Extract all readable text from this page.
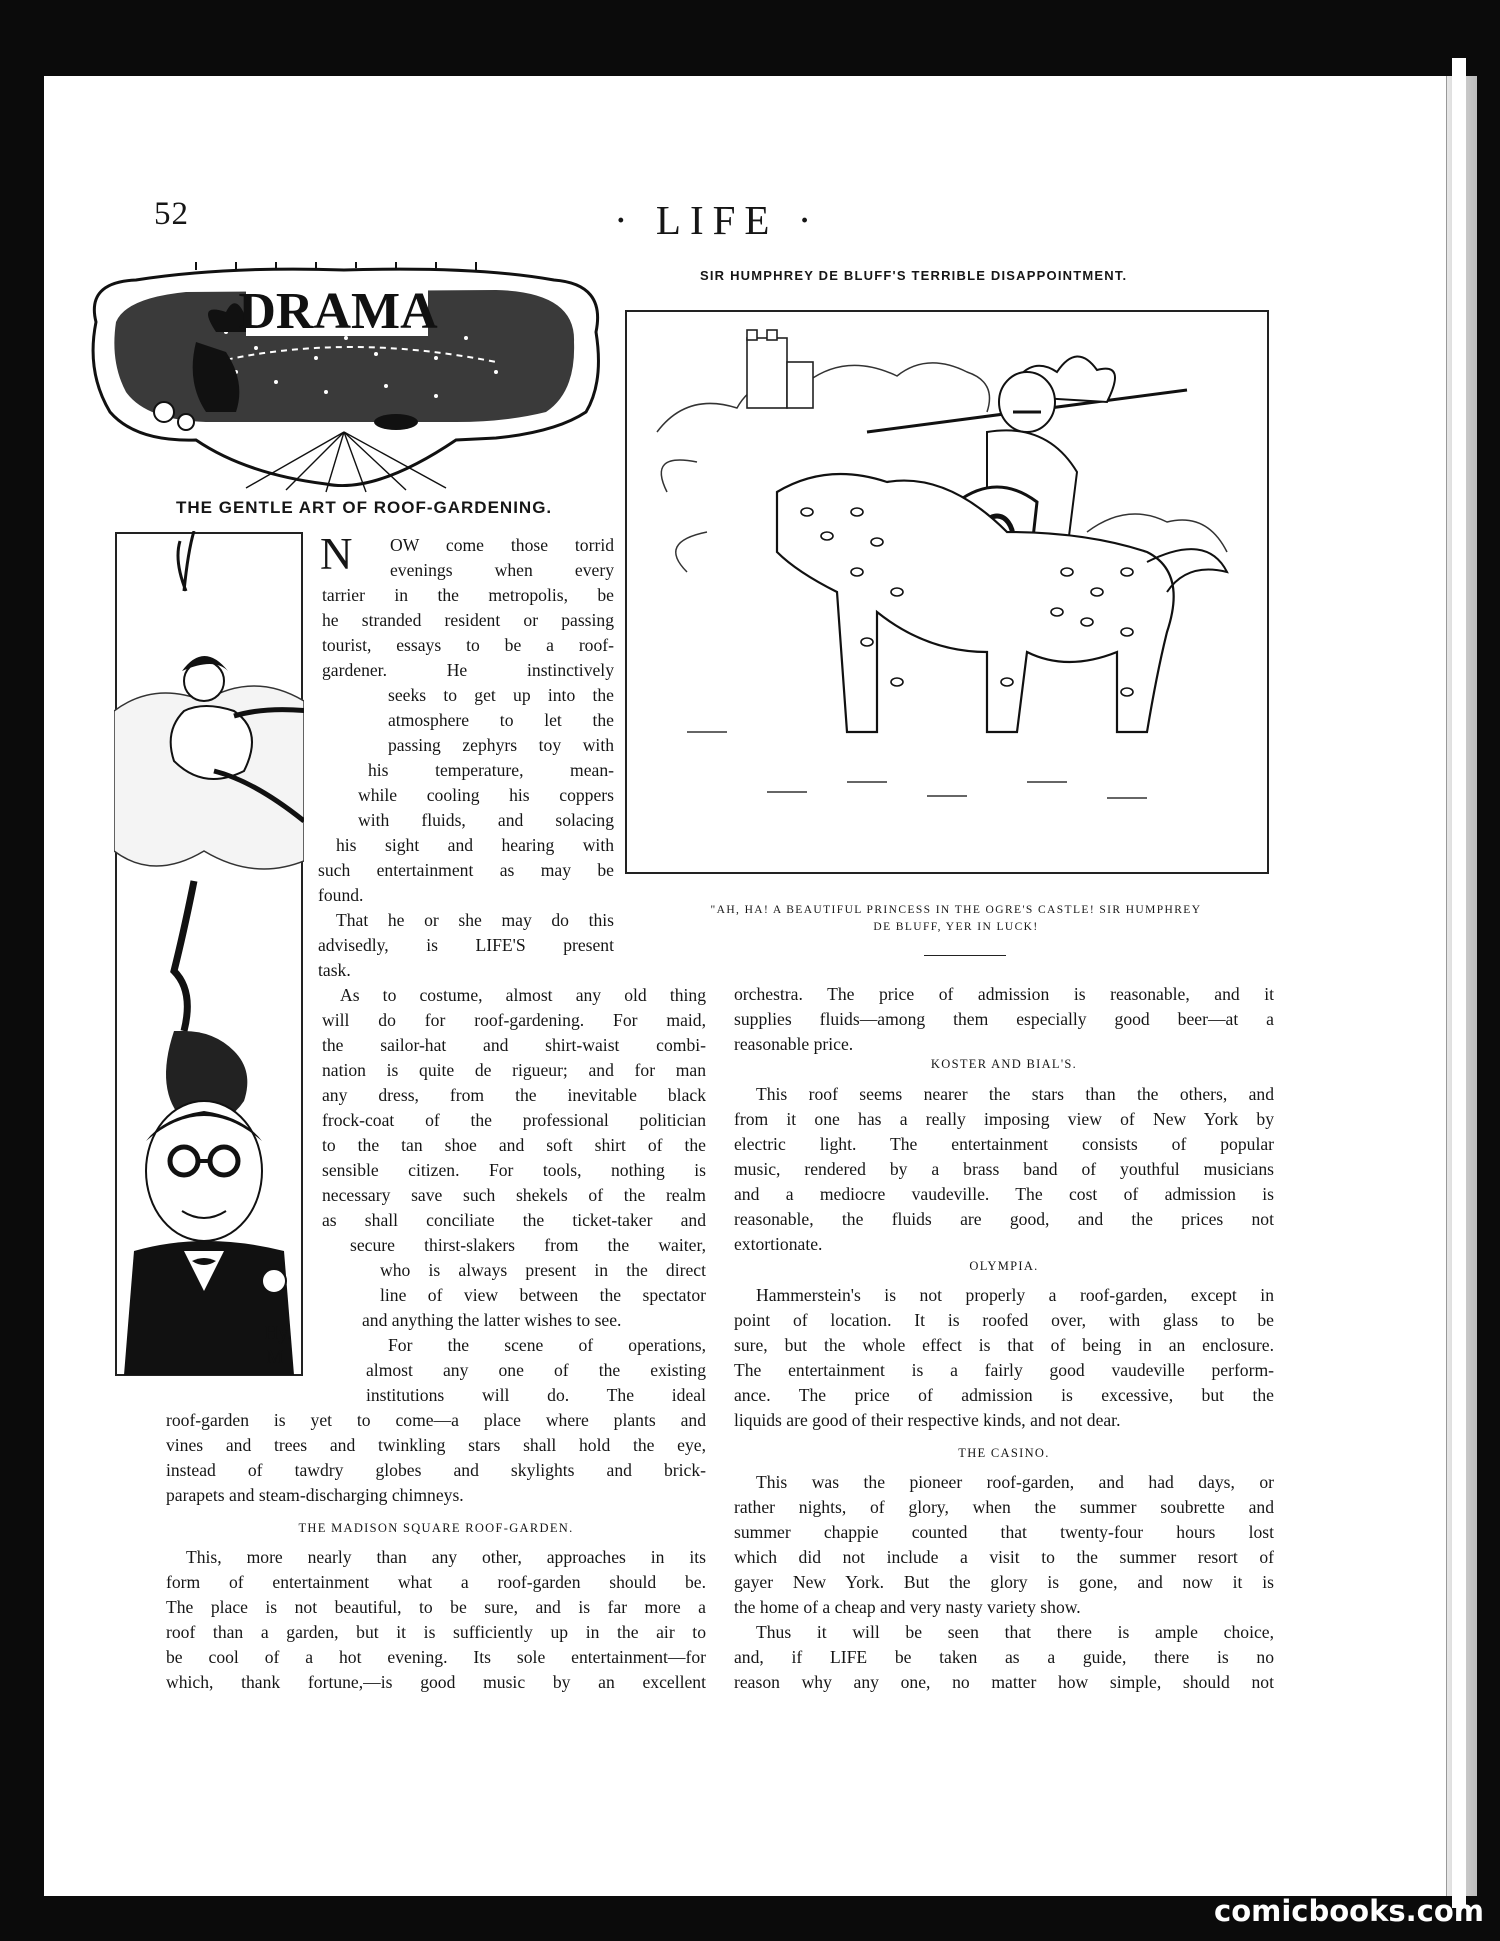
52	· LIFE ·
SIR HUMPHREY DE BLUFF'S TERRIBLE DISAPPOINTMENT.
DRAMA
THE GENTLE ART OF ROOF-GARDENING.
Hy.
M
"AH, HA! A BEAUTIFUL PRINCESS IN THE OGRE'S CASTLE! SIR HUMPHREY
DE BLUFF, YER IN LUCK!
N OW come those torrid

evenings when every

tarrier in the metropolis, be

he stranded resident or passing

tourist, essays to be a roof-

gardener. He instinctively

seeks to get up into the

atmosphere to let the

passing zephyrs toy with

his temperature, mean-

while cooling his coppers

with fluids, and solacing

his sight and hearing with

such entertainment as may be

found.

That he or she may do this

advisedly, is LIFE'S present

task.

As to costume, almost any old thing

will do for roof-gardening. For maid,

the sailor-hat and shirt-waist combi-

nation is quite de rigueur; and for man

any dress, from the inevitable black

frock-coat of the professional politician

to the tan shoe and soft shirt of the

sensible citizen. For tools, nothing is

necessary save such shekels of the realm

as shall conciliate the ticket-taker and

secure thirst-slakers from the waiter,

who is always present in the direct

line of view between the spectator

and anything the latter wishes to see.

For the scene of operations,

almost any one of the existing

institutions will do. The ideal

roof-garden is yet to come—a place where plants and

vines and trees and twinkling stars shall hold the eye,

instead of tawdry globes and skylights and brick-

parapets and steam-discharging chimneys.

THE MADISON SQUARE ROOF-GARDEN.

This, more nearly than any other, approaches in its

form of entertainment what a roof-garden should be.

The place is not beautiful, to be sure, and is far more a

roof than a garden, but it is sufficiently up in the air to

be cool of a hot evening. Its sole entertainment—for

which, thank fortune,—is good music by an excellent

orchestra. The price of admission is reasonable, and it

supplies fluids—among them especially good beer—at a

reasonable price.

KOSTER AND BIAL'S.

This roof seems nearer the stars than the others, and

from it one has a really imposing view of New York by

electric light. The entertainment consists of popular

music, rendered by a brass band of youthful musicians

and a mediocre vaudeville. The cost of admission is

reasonable, the fluids are good, and the prices not

extortionate.

OLYMPIA.

Hammerstein's is not properly a roof-garden, except in

point of location. It is roofed over, with glass to be

sure, but the whole effect is that of being in an enclosure.

The entertainment is a fairly good vaudeville perform-

ance. The price of admission is excessive, but the

liquids are good of their respective kinds, and not dear.

THE CASINO.

This was the pioneer roof-garden, and had days, or

rather nights, of glory, when the summer soubrette and

summer chappie counted that twenty-four hours lost

which did not include a visit to the summer resort of

gayer New York. But the glory is gone, and now it is

the home of a cheap and very nasty variety show.

Thus it will be seen that there is ample choice,

and, if LIFE be taken as a guide, there is no

reason why any one, no matter how simple, should not

comicbooks.com
